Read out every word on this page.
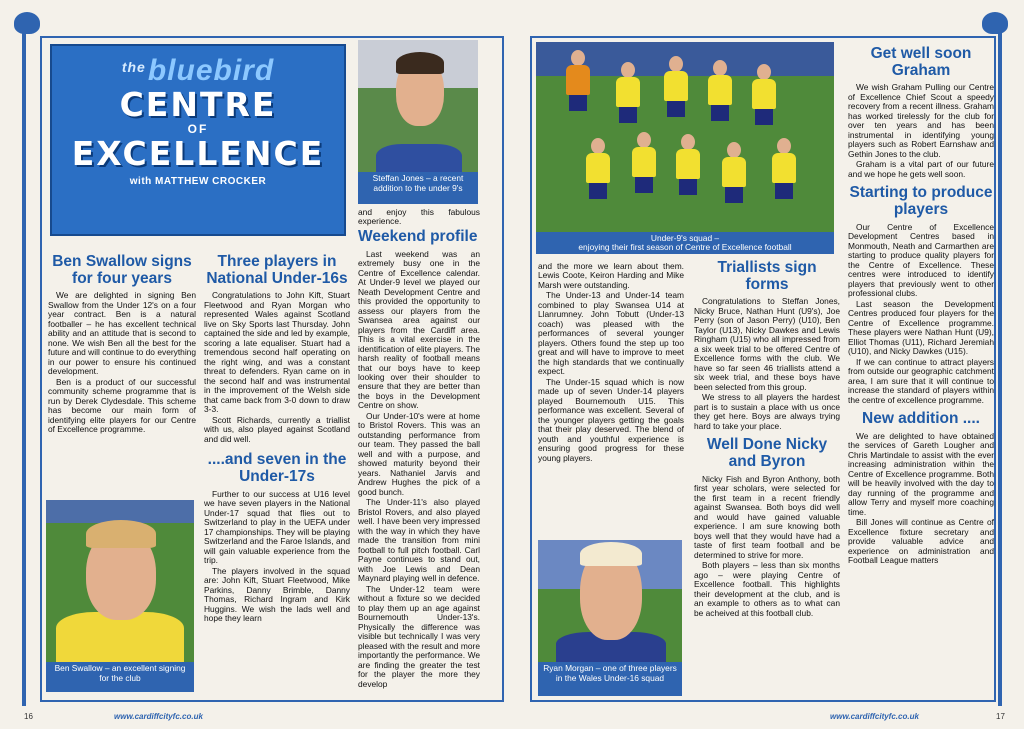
$^{the}$bluebird
CENTRE
OF
EXCELLENCE
with MATTHEW CROCKER	Steffan Jones – a recent addition to the under 9's
Ben Swallow signs for four years

We are delighted in signing Ben Swallow from the Under 12's on a four year contract. Ben is a natural footballer – he has excellent technical ability and an attitude that is second to none. We wish Ben all the best for the future and will continue to do everything in our power to ensure his continued development.

Ben is a product of our successful community scheme programme that is run by Derek Clydesdale. This scheme has become our main form of identifying elite players for our Centre of Excellence programme.

Ben Swallow – an excellent signing for the club
Three players in National Under-16s

Congratulations to John Kift, Stuart Fleetwood and Ryan Morgan who represented Wales against Scotland live on Sky Sports last Thursday. John captained the side and led by example, scoring a late equaliser. Stuart had a tremendous second half operating on the right wing, and was a constant threat to defenders. Ryan came on in the second half and was instrumental in the improvement of the Welsh side that came back from 3-0 down to draw 3-3.

Scott Richards, currently a triallist with us, also played against Scotland and did well.

....and seven in the Under-17s

Further to our success at U16 level we have seven players in the National Under-17 squad that flies out to Switzerland to play in the UEFA under 17 championships. They will be playing Switzerland and the Faroe Islands, and will gain valuable experience from the trip.

The players involved in the squad are: John Kift, Stuart Fleetwood, Mike Parkins, Danny Brimble, Danny Thomas, Richard Ingram and Kirk Huggins. We wish the lads well and hope they learn

and enjoy this fabulous experience.

Weekend profile

Last weekend was an extremely busy one in the Centre of Excellence calendar. At Under-9 level we played our Neath Development Centre and this provided the opportunity to assess our players from the Swansea area against our players from the Cardiff area. This is a vital exercise in the identification of elite players. The harsh reality of football means that our boys have to keep looking over their shoulder to ensure that they are better than the boys in the Development Centre on show.

Our Under-10's were at home to Bristol Rovers. This was an outstanding performance from our team. They passed the ball well and with a purpose, and showed maturity beyond their years. Nathaniel Jarvis and Andrew Hughes the pick of a good bunch.

The Under-11's also played Bristol Rovers, and also played well. I have been very impressed with the way in which they have made the transition from mini football to full pitch football. Carl Payne continues to stand out, with Joe Lewis and Dean Maynard playing well in defence.

The Under-12 team were without a fixture so we decided to play them up an age against Bournemouth Under-13's. Physically the difference was visible but technically I was very pleased with the result and more importantly the performance. We are finding the greater the test for the player the more they develop

16	www.cardiffcityfc.co.uk
Under-9's squad –
enjoying their first season of Centre of Excellence football

and the more we learn about them. Lewis Coote, Keiron Harding and Mike Marsh were outstanding.

The Under-13 and Under-14 team combined to play Swansea U14 at Llanrumney. John Tobutt (Under-13 coach) was pleased with the performances of several younger players. Others found the step up too great and will have to improve to meet the high standards that we continually expect.

The Under-15 squad which is now made up of seven Under-14 players played Bournemouth U15. This performance was excellent. Several of the younger players getting the goals that their play deserved. The blend of youth and youthful experience is ensuring good progress for these young players.

Ryan Morgan – one of three players in the Wales Under-16 squad
Triallists sign forms

Congratulations to Steffan Jones, Nicky Bruce, Nathan Hunt (U9's), Joe Perry (son of Jason Perry) (U10), Ben Taylor (U13), Nicky Dawkes and Lewis Ringham (U15) who all impressed from a six week trial to be offered Centre of Excellence forms with the club. We have so far seen 46 triallists attend a six week trial, and these boys have been selected from this group.

We stress to all players the hardest part is to sustain a place with us once they get here. Boys are always trying hard to take your place.

Well Done Nicky and Byron

Nicky Fish and Byron Anthony, both first year scholars, were selected for the first team in a recent friendly against Swansea. Both boys did well and would have gained valuable experience. I am sure knowing both boys well that they would have had a taste of first team football and be determined to strive for more.

Both players – less than six months ago – were playing Centre of Excellence football. This highlights their development at the club, and is an example to others as to what can be acheived at this football club.

Get well soon Graham

We wish Graham Pulling our Centre of Excellence Chief Scout a speedy recovery from a recent illness. Graham has worked tirelessly for the club for over ten years and has been instrumental in identifying young players such as Robert Earnshaw and Gethin Jones to the club.

Graham is a vital part of our future and we hope he gets well soon.

Starting to produce players

Our Centre of Excellence Development Centres based in Monmouth, Neath and Carmarthen are starting to produce quality players for the Centre of Excellence. These centres were introduced to identify players that previously went to other professional clubs.

Last season the Development Centres produced four players for the Centre of Excellence programme. These players were Nathan Hunt (U9), Elliot Thomas (U11), Richard Jeremiah (U10), and Nicky Dawkes (U15).

If we can continue to attract players from outside our geographic catchment area, I am sure that it will continue to increase the standard of players within the centre of excellence programme.

New addition ....

We are delighted to have obtained the services of Gareth Lougher and Chris Martindale to assist with the ever increasing administration within the Centre of Excellence programme. Both will be heavily involved with the day to day running of the programme and allow Terry and myself more coaching time.

Bill Jones will continue as Centre of Excellence fixture secretary and provide valuable advice and experience on administration and Football League matters

www.cardiffcityfc.co.uk	17
